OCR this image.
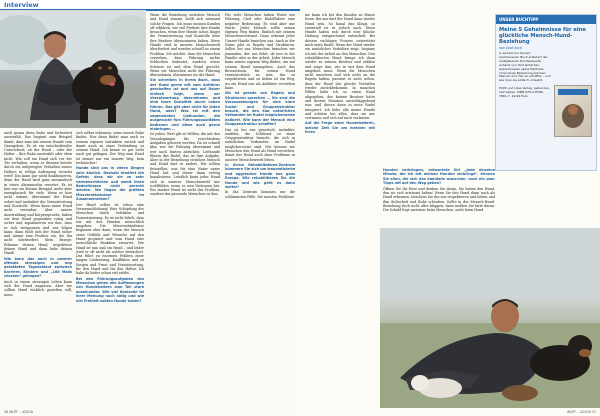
Interview

auch genau diese Ruhe und Sicherheit ausstrahlt. Das beginnt zum Beispiel damit, dass man mit seinem Hunde vom Gassigehen. Es ist ein entscheidender Unterschied, ob der Hund – oder der Halter – Ihre Ruhe ausstrahlt oder eben nicht. Wie soll ein Hund sich vor der Tür verhalten, wenn er drinnen bereits durch ein aufgeregtes Verhalten seines Halters in völlige Aufregung versetzt wird? Das kann gar nicht funktionieren, denn der Hund wird ganz automatisch in einen Alarmmodus versetzt. Es ist hier nur ein kleines Beispiel, mehr aber exemplarisch für viele. Wenn es hier nicht stimmt, übernimmt der Hund sofort und instinktiv die Verantwortung und Kontrolle. Wenn kann unser Hund nicht vereinbar. Aber unsere Ausstrahlung und Körpersprache, haben wir dem Hund gegenüber ruhig und sicher und signalisieren wir ihm, dass er sich entspannen und uns folgen kann, dann fühlt sich der Hund sicher und nimmt eine Position ein, die ihn nicht überfordert. Mein Rezept: Erkenne deinen Hund, respektiere deinen Hund und dann liebe deinen Hund!

Wie kann das auch in unserer oftmals stressigen und eng getakteten Tagesablauf zwischen Karriere, Kindern und „168 Mails checken" gelingen?

Auch in einem stressigen Leben kann sich der Hund anpassen. Aber wir sollten Hund wirklich gezielten will, muss

sich selber erkennen, seine innere Ruhe finden. Nur dann findet man auch zu seinem eigenen Instinkten zurück und damit auch zu einer Verbindung zu seinem Hund. Ich kenne es gut nicht nach gut gelingen. Der Weg zum Hund ist immer nur ein innerer Weg, kein technischer!

Hunde sind uns in vielen Dingen sehr ähnlich. Deshalb tendiert die Gefahr, dass wir sie zu sehr vermenschlichen und somit ihren Bedürfnissen nicht gerecht werden. Wo liegen die größten Missverständnisse im Zusammenleben?

Der Hund selber ist schon eine Vermenschlichung! Eine Schöpfung des Menschen durch Selektion und Domestizierung. Es ist nicht falsch, dass wir mit den Hunden menschlich umgehen. Die Missverständnisse beginnen eher dann, wenn der Mensch seine Gefühle und Wünsche auf den Hund projiziert und vom Hund eine menschliche Reaktion erwartet. Der Hund ist nun mal ein Hund – und leider wird er oft nicht als solcher betrachtet. Das führt zu enormen Fehlern einer langen Leidensweg, Konflikten und zu Sorgen und Frust und Verantwortung, für den Hund und für den Halter. Ich habe da leider schon viel erlebt.

Bei den Führungsaufgaben des Menschen gehen alle Auffassungen von Hundehaltern zum Teil stark auseinander. Wie viel Kontrolle ist Ihrer Meinung nach nötig und wie viel Freiheit sollten Hunde haben?

Wenn die Beziehung zwischen Mensch und Hund stimmt, stellt sich niemand solche Fragen. Ich muss meinen Kunden oft erklären, wie viel Freiheit ihre Hunde brauchen, wenn ihre Hunde schon längst die Verantwortung und Kontrolle über ihre Besitzer übernommen haben. Diese Hunde sind in unserer Menschenwelt überfordert und werden schnell zu einem Problem. Ich möchte, dass die Menschen verstehen, dass Führung nichts Schlechtes bedeutet, sondern etwas Schönes ist und dem Hund gerecht. Wenn wir Menschen nicht die Führung übernehmen, übernimmt sie der Hund.

Sie schreiben in Ihrem Buch, dass der Hund gerne mit zum Anführer geschaffen ist und uns auf Dauer einfach folgt, wenn wir Verantwortung übernehmen und eine klare Sozialität durch Leben führen. Das gilt aber nicht für jeden Hund, oder? Was ist mit den sogenannten Listhunden, die ausgesucht fürs Führungsqualitäten bedienen und diese auch gerne einbringen …

Ist jeden: Wert gilt es Wölfen, die mit den Veranlagungen für verschiedene Aufgaben gehoren werden. Da ist schnell klar, wer die Führung übernimmt und wer nach hinten abrücken. Leithunde führen das Rudel, das ist ihre Aufgabe. Aber in der Beziehung zwischen Mensch und Hund darf es anders. Wir sollten feststellen, was für eine Natur unser Hund hat und dieser dann richtig kanalisieren. Letztlich kann jeder Hund sich in unserer Menschenwelt nur wohlfühlen, wenn er sein Vertrauen hat. Ein starker Hund ist nicht das Problem, sondern das passende Menschen zu ihm.

Für viele Menschen haben Worte wie Führung, Chef oder Rudelführer eine negative Bedeutung. Es sind aber nur Worte. Jeder Mensch sollte seinen eigenen Weg finden. Einfach mit seinem Menschenverstand. Dann erkennt jeder Unsere Hunde brauchen uns. Auch in der Natur gibt es Regeln und Strukturen. Selbst bei uns Menschen brauchen wir jemanden, der uns führt, ob nun in der Familie oder in der Arbeit. Jeder Mensch kann seinen eigenen Weg finden, um mit seinem Hund umzugehen. Auch das Bewusstsein, für seinen Hund verantwortlich zu sein, ihn zu respektieren und zu lieben ist ein Weg, wo ein Hund uns als Anführer verstehen kann.

Wo ist gerade von Regeln und Strukturen sprechen … Sie sind die Voraussetzungen für eine klare Sozial- und Gruppenstruktur brauch, die den klar natürlichen Verbanden im Rudel möglicherweise halbiert. Wie kann der Mensch eine Gruppenstruktur schaffen?

Das ist bei uns genetisch, instinktiv, wirklich, die Schlüssel zu einer Gruppenstruktur braucht, die sich in natürlichen Vorbanden im Rudel möglicherweise sind. Wie können wir Menschen den Hund als Hund verstehen, damit der Hund auch ohne Probleme in unserer Menschenwelt leben.

In Ihrem Rehabilitations-Zentrum kümmern Sie sich um traumatisierte und aggressive Hunde aus ganz Europa. Wie rehabilitieren Sie die Hunde und wie geht es dann weiter?

In das Zentrum kommen nur die schlimmsten Fälle. Die meisten Probleme

28 WUFF – 4/2016

me kann ich bei den Kunden zu Hause lösen. Bei mir darf der Hund dann wieder Hund sein. So banal das klingt, so essentiell ist es jedoch auch. Diese Hunde haben sich durch eine falsche Haltung entsprechend entwickelt. Bei diesem wichtigen Prozess unterstützt mich mein Rudel. Wenn der Hund wieder ein natürliches Verhalten zeigt, beginne ich mit der Arbeit an den Menschen. Den rehabilitierten Hund bringe ich dann wieder zu seinem Besitzer und erkläre und zeige ihm, wie er mit dem Hund umgehen muss. Wenn die Menschen nicht umsetzen und sich nicht an die Regeln halten, passiert es nicht selten, dass der Hund das gleiche Verhalten wieder zurückbekommt. In manchen Fällen habe ich so einen Hund abgegeben, der keinen Besitzer hatte und dessen Situation ausschlaggebend war, und diesen dann in mein Rudel integriert. Ich liebe alle meine Hunde und schätze bei allen, dass sie mir vertrauen und sich auf mich verlassen.

Auf die Frage einer Hundehalterin, welche Zeit Sie am meisten mit Ihren

Hunden verbringen, antwortete Siri „Jede einzelne Minute, die ich mit meinen Hunden verbringe". Können Sie allen, die sich das ebenfalls wünschen, noch ein paar Tipps mit auf den Weg geben?

Öffnen Sie Ihr Herz und denken Sie daran, Sie haben den Hund, den sie sich erträumt haben! Wenn Sie den Hund dann auch als Hund erkennen, beachten Sie ihn nur respektieren und lieben und ihm Sicherheit und Ruhe schenken. Sollte in der Mensch-Hund-Beziehung doch nicht alles klappen, dann melden Sie bitte daran: Die Schuld liegt meistens beim Menschen, nicht beim Hund.

UNSER BUCHTIPP
Meine 5 Geheimnisse für eine glückliche Mensch-Hund-Beziehung
von José Arce
In seinem zur Kursen erschienenen Buch erläutert der maßgebende Hundeexperte anhand von fünf einfachen Geheimnissen seine Methode, ohne lange Beziehung wischen Mensch und Tier zu schaffen – und wie man sie einfach umsetzt.
Edith und Usse Verlag, gebunden, 192 Seiten, ISBN 978-3-8338-3861-7, 19,99 Euro
WUFF – 4/2016 21
